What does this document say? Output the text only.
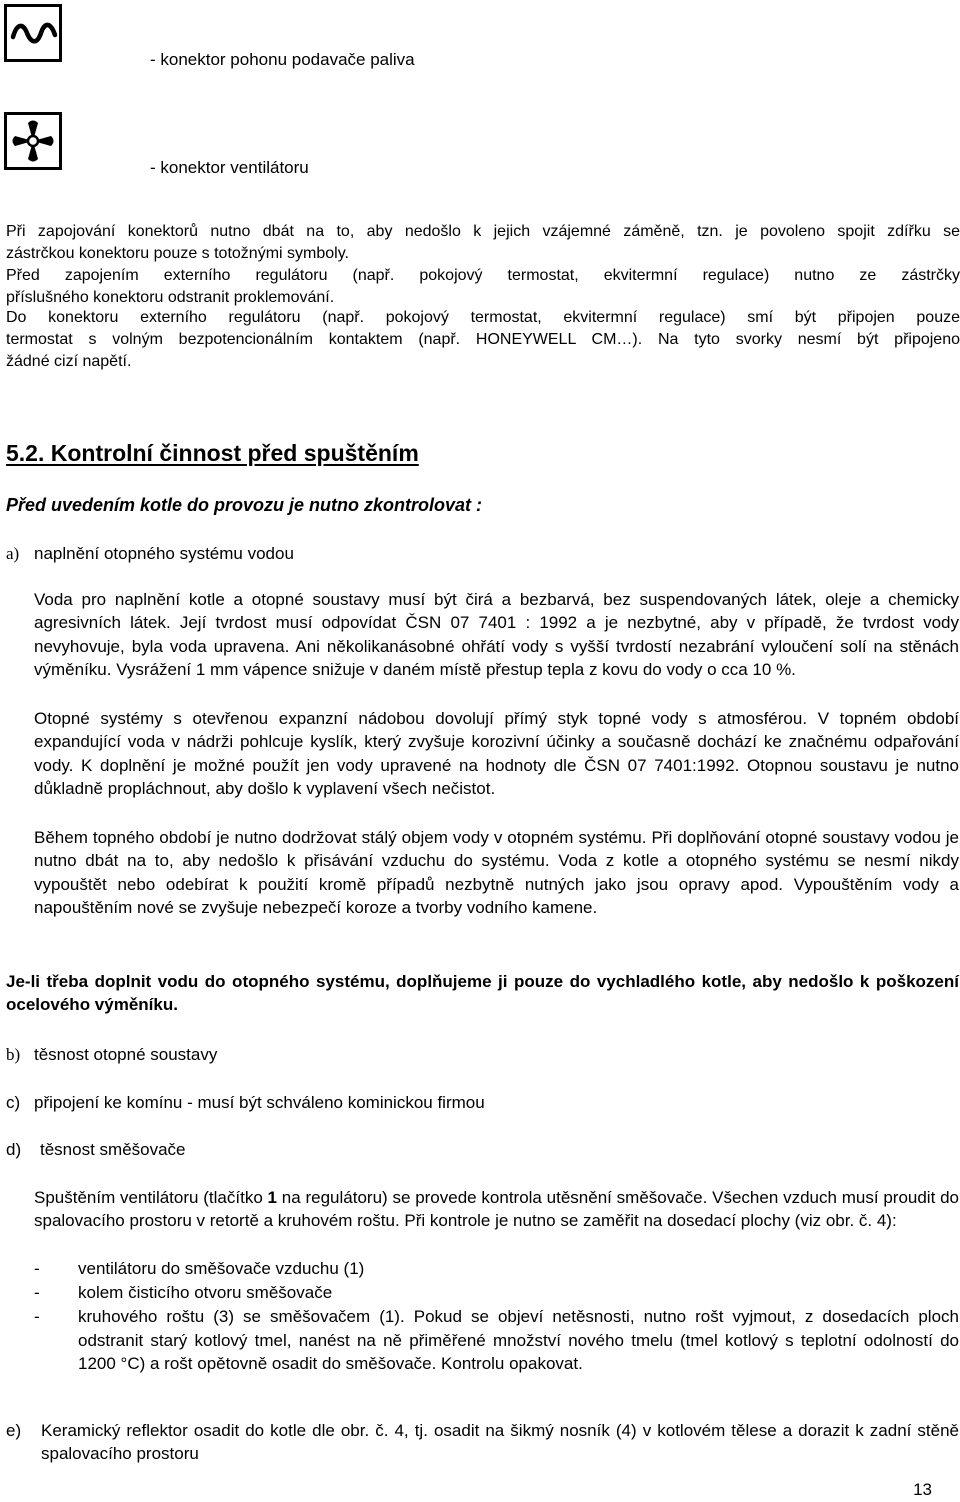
- konektor pohonu podavače paliva
- konektor ventilátoru
Při zapojování konektorů nutno dbát na to, aby nedošlo k jejich vzájemné záměně, tzn. je povoleno spojit zdířku se
zástrčkou konektoru pouze s totožnými symboly.
Před zapojením externího regulátoru (např. pokojový termostat, ekvitermní regulace) nutno ze zástrčky
příslušného konektoru odstranit proklemování.
Do konektoru externího regulátoru (např. pokojový termostat, ekvitermní regulace) smí být připojen pouze
termostat s volným bezpotencionálním kontaktem (např. HONEYWELL CM…). Na tyto svorky nesmí být připojeno
žádné cizí napětí.
5.2. Kontrolní činnost před spuštěním
Před uvedením kotle do provozu je nutno zkontrolovat :
a) naplnění otopného systému vodou
Voda pro naplnění kotle a otopné soustavy musí být čirá a bezbarvá, bez suspendovaných látek, oleje a chemicky agresivních látek. Její tvrdost musí odpovídat ČSN 07 7401 : 1992 a je nezbytné, aby v případě, že tvrdost vody nevyhovuje, byla voda upravena. Ani několikanásobné ohřátí vody s vyšší tvrdostí nezabrání vyloučení solí na stěnách výměníku. Vysrážení 1 mm vápence snižuje v daném místě přestup tepla z kovu do vody o cca 10 %.
Otopné systémy s otevřenou expanzní nádobou dovolují přímý styk topné vody s atmosférou. V topném období expandující voda v nádrži pohlcuje kyslík, který zvyšuje korozivní účinky a současně dochází ke značnému odpařování vody. K doplnění je možné použít jen vody upravené na hodnoty dle ČSN 07 7401:1992. Otopnou soustavu je nutno důkladně propláchnout, aby došlo k vyplavení všech nečistot.
Během topného období je nutno dodržovat stálý objem vody v otopném systému. Při doplňování otopné soustavy vodou je nutno dbát na to, aby nedošlo k přisávání vzduchu do systému. Voda z kotle a otopného systému se nesmí nikdy vypouštět nebo odebírat k použití kromě případů nezbytně nutných jako jsou opravy apod. Vypouštěním vody a napouštěním nové se zvyšuje nebezpečí koroze a tvorby vodního kamene.
Je-li třeba doplnit vodu do otopného systému, doplňujeme ji pouze do vychladlého kotle, aby nedošlo k poškození ocelového výměníku.
b) těsnost otopné soustavy
c) připojení ke komínu - musí být schváleno kominickou firmou
d) těsnost směšovače
Spuštěním ventilátoru (tlačítko 1 na regulátoru) se provede kontrola utěsnění směšovače. Všechen vzduch musí proudit do spalovacího prostoru v retortě a kruhovém roštu. Při kontrole je nutno se zaměřit na dosedací plochy (viz obr. č. 4):
- ventilátoru do směšovače vzduchu (1)
- kolem čisticího otvoru směšovače
- kruhového roštu (3) se směšovačem (1). Pokud se objeví netěsnosti, nutno rošt vyjmout, z dosedacích ploch odstranit starý kotlový tmel, nanést na ně přiměřené množství nového tmelu (tmel kotlový s teplotní odolností do 1200 °C) a rošt opětovně osadit do směšovače. Kontrolu opakovat.
e) Keramický reflektor osadit do kotle dle obr. č. 4, tj. osadit na šikmý nosník (4) v kotlovém tělese a dorazit k zadní stěně spalovacího prostoru
13
